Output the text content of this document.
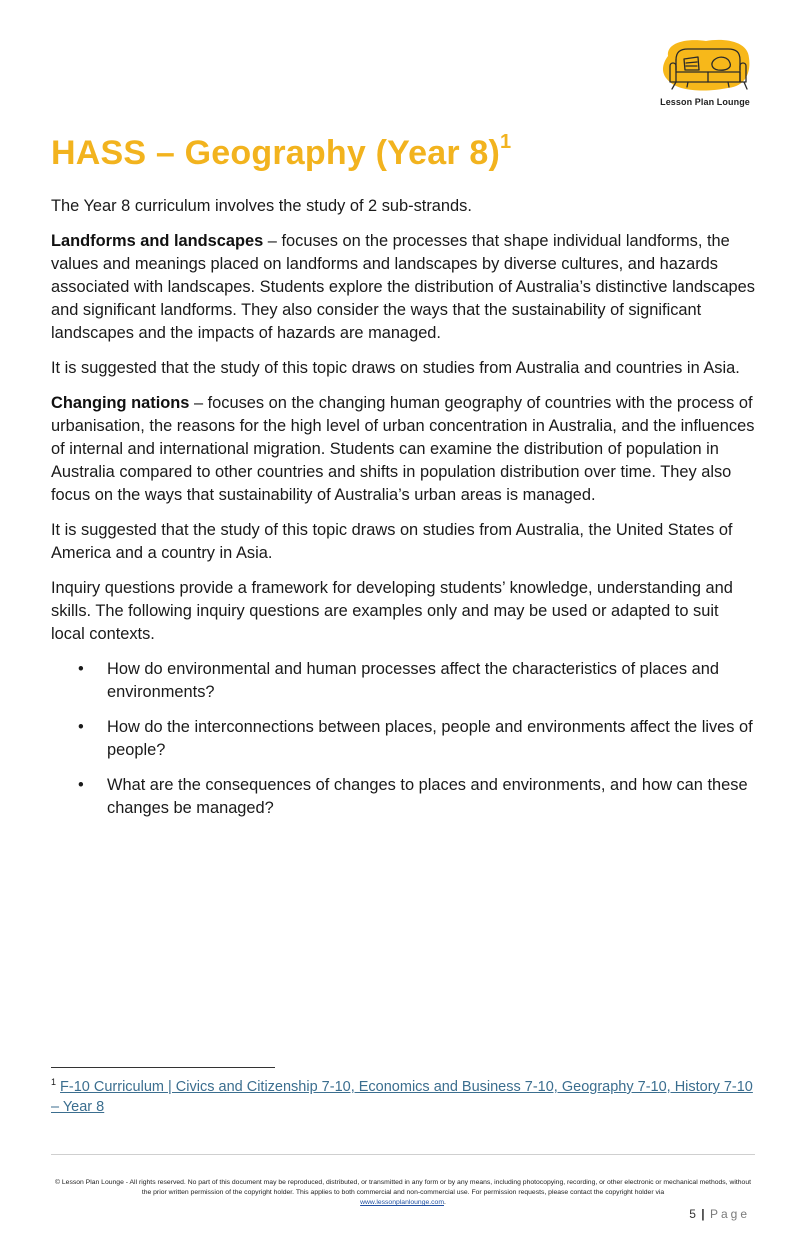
Lesson Plan Lounge
HASS – Geography (Year 8)$^1$

The Year 8 curriculum involves the study of 2 sub-strands.

Landforms and landscapes – focuses on the processes that shape individual landforms, the values and meanings placed on landforms and landscapes by diverse cultures, and hazards associated with landscapes. Students explore the distribution of Australia’s distinctive landscapes and significant landforms. They also consider the ways that the sustainability of significant landscapes and the impacts of hazards are managed.

It is suggested that the study of this topic draws on studies from Australia and countries in Asia.

Changing nations – focuses on the changing human geography of countries with the process of urbanisation, the reasons for the high level of urban concentration in Australia, and the influences of internal and international migration. Students can examine the distribution of population in Australia compared to other countries and shifts in population distribution over time. They also focus on the ways that sustainability of Australia’s urban areas is managed.

It is suggested that the study of this topic draws on studies from Australia, the United States of America and a country in Asia.

Inquiry questions provide a framework for developing students’ knowledge, understanding and skills. The following inquiry questions are examples only and may be used or adapted to suit local contexts.

• How do environmental and human processes affect the characteristics of places and environments?
• How do the interconnections between places, people and environments affect the lives of people?
• What are the consequences of changes to places and environments, and how can these changes be managed?
$^1$ F-10 Curriculum | Civics and Citizenship 7-10, Economics and Business 7-10, Geography 7-10, History 7-10 – Year 8
© Lesson Plan Lounge - All rights reserved. No part of this document may be reproduced, distributed, or transmitted in any form or by any means, including photocopying, recording, or other electronic or mechanical methods, without the prior written permission of the copyright holder. This applies to both commercial and non-commercial use. For permission requests, please contact the copyright holder via
www.lessonplanlounge.com.
5 | Page
